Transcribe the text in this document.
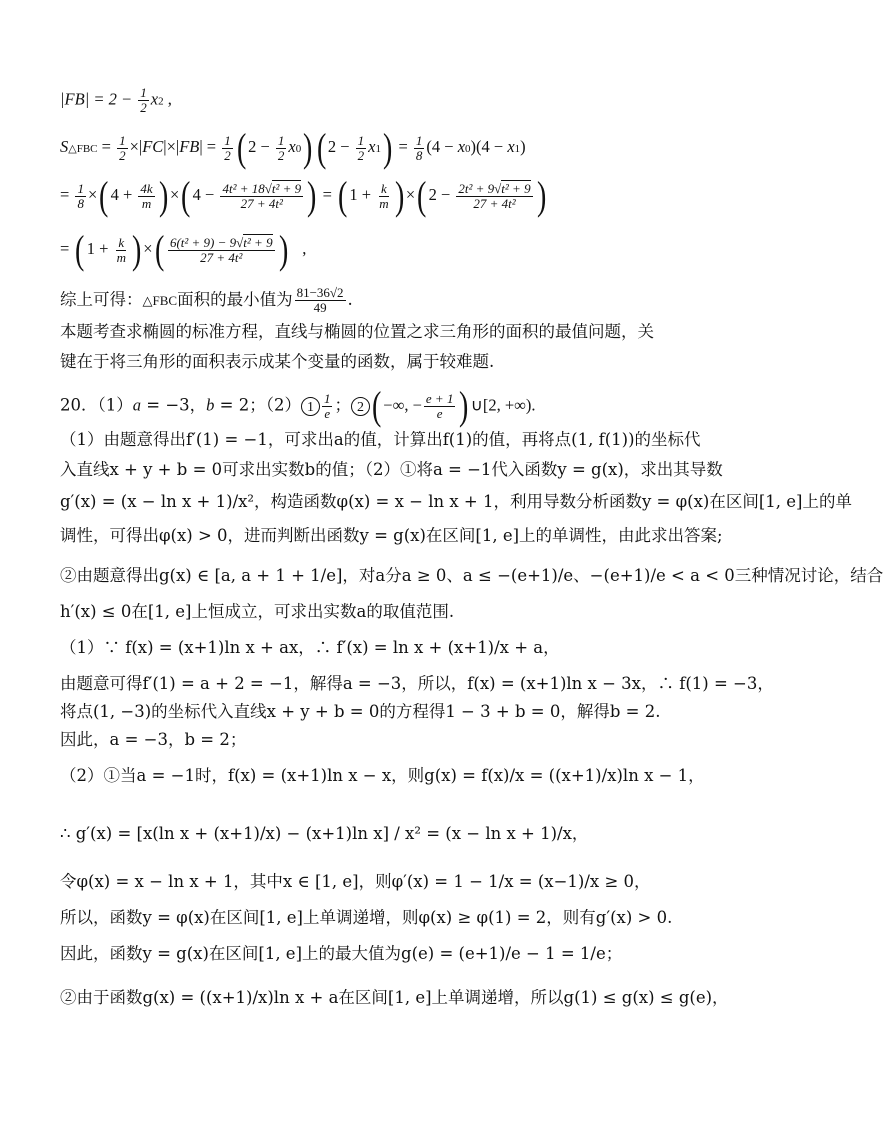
$|FB| = 2 - \frac{1}{2} x2$ ,
S△FBC = $\frac{1}{2} \times|FC|\times|FB| = \frac{1}{2}$ ( $2 - \frac{1}{2} x0$)( $2 - \frac{1}{2} x1) = \frac{1}{8} (4 - x0)(4 - x1)$
= $\frac{1}{8}$ ×( $4 + \frac{4k}{m}$ ) ×( $4 - \frac{\text{4t² + 18√t² + 9}}{\text{27 + 4t²}}$ ) = ( $1 + \frac{k}{m}$ ) ×( $2 - \frac{\text{2t² + 9√t² + 9}}{\text{27 + 4t²}}$ )
= ( $1 + \frac{k}{m}$ ) ×( $\frac{\text{6(t² + 9) − 9√t² + 9}}{\text{27 + 4t²}}$ )   ,
综上可得：△FBC面积的最小值为 $\frac{81-36√2}{49}$ .
本题考查求椭圆的标准方程，直线与椭圆的位置之求三角形的面积的最值问题，关
键在于将三角形的面积表示成某个变量的函数，属于较难题.
20．（1）a = −3，b = 2；（2） $1 \frac{1}{e}$ ； 2 ( −∞, − $\frac{e + 1}{e}$ ) ∪[2, +∞).
（1）由题意得出f′(1) = −1，可求出a的值，计算出f(1)的值，再将点(1, f(1))的坐标代
入直线x + y + b = 0可求出实数b的值；（2）①将a = −1代入函数y = g(x)，求出其导数
g′(x) = (x − ln x + 1)/x²，构造函数φ(x) = x − ln x + 1，利用导数分析函数y = φ(x)在区间[1, e]上的单
调性，可得出φ(x) > 0，进而判断出函数y = g(x)在区间[1, e]上的单调性，由此求出答案;
②由题意得出g(x) ∈ [a, a + 1 + 1/e]，对a分a ≥ 0、a ≤ −(e+1)/e、−(e+1)/e < a < 0三种情况讨论，结合
h′(x) ≤ 0在[1, e]上恒成立，可求出实数a的取值范围.
（1）∵ f(x) = (x+1)ln x + ax，∴ f′(x) = ln x + (x+1)/x + a，
由题意可得f′(1) = a + 2 = −1，解得a = −3，所以，f(x) = (x+1)ln x − 3x，∴ f(1) = −3，
将点(1, −3)的坐标代入直线x + y + b = 0的方程得1 − 3 + b = 0，解得b = 2.
因此，a = −3，b = 2；
（2）①当a = −1时，f(x) = (x+1)ln x − x，则g(x) = f(x)/x = ((x+1)/x)ln x − 1，
∴ g′(x) = [x(ln x + (x+1)/x) − (x+1)ln x] / x² = (x − ln x + 1)/x，
令φ(x) = x − ln x + 1，其中x ∈ [1, e]，则φ′(x) = 1 − 1/x = (x−1)/x ≥ 0，
所以，函数y = φ(x)在区间[1, e]上单调递增，则φ(x) ≥ φ(1) = 2，则有g′(x) > 0.
因此，函数y = g(x)在区间[1, e]上的最大值为g(e) = (e+1)/e − 1 = 1/e；
②由于函数g(x) = ((x+1)/x)ln x + a在区间[1, e]上单调递增，所以g(1) ≤ g(x) ≤ g(e)，
